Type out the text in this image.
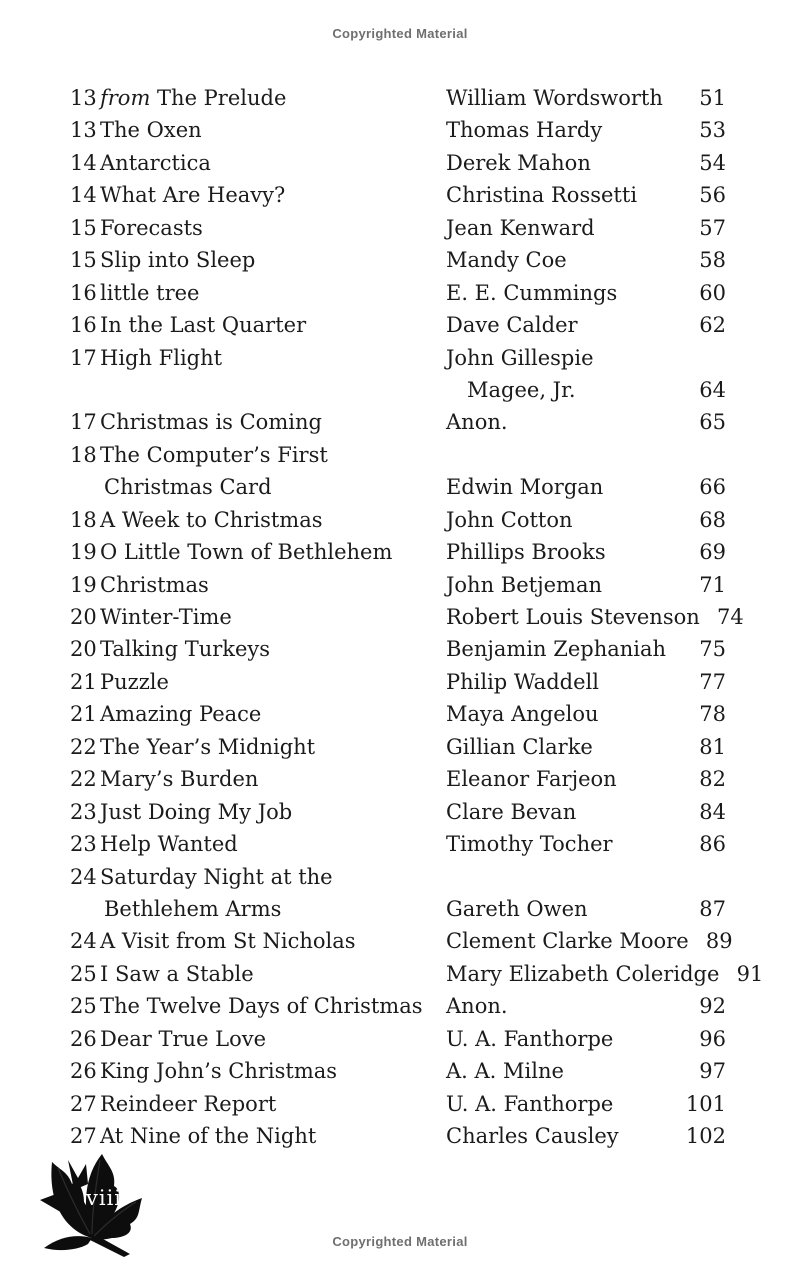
Copyrighted Material
13 from The Prelude	William Wordsworth	51
13 The Oxen	Thomas Hardy	53
14 Antarctica	Derek Mahon	54
14 What Are Heavy?	Christina Rossetti	56
15 Forecasts	Jean Kenward	57
15 Slip into Sleep	Mandy Coe	58
16 little tree	E. E. Cummings	60
16 In the Last Quarter	Dave Calder	62
17 High Flight	John Gillespie
Magee, Jr.	64
17 Christmas is Coming	Anon.	65
18 The Computer’s First
Christmas Card	Edwin Morgan	66
18 A Week to Christmas	John Cotton	68
19 O Little Town of Bethlehem	Phillips Brooks	69
19 Christmas	John Betjeman	71
20 Winter-Time	Robert Louis Stevenson 74
20 Talking Turkeys	Benjamin Zephaniah	75
21 Puzzle	Philip Waddell	77
21 Amazing Peace	Maya Angelou	78
22 The Year’s Midnight	Gillian Clarke	81
22 Mary’s Burden	Eleanor Farjeon	82
23 Just Doing My Job	Clare Bevan	84
23 Help Wanted	Timothy Tocher	86
24 Saturday Night at the
Bethlehem Arms	Gareth Owen	87
24 A Visit from St Nicholas	Clement Clarke Moore 89
25 I Saw a Stable	Mary Elizabeth Coleridge 91
25 The Twelve Days of Christmas	Anon.	92
26 Dear True Love	U. A. Fanthorpe	96
26 King John’s Christmas	A. A. Milne	97
27 Reindeer Report	U. A. Fanthorpe	101
27 At Nine of the Night	Charles Causley	102
viii
Copyrighted Material
